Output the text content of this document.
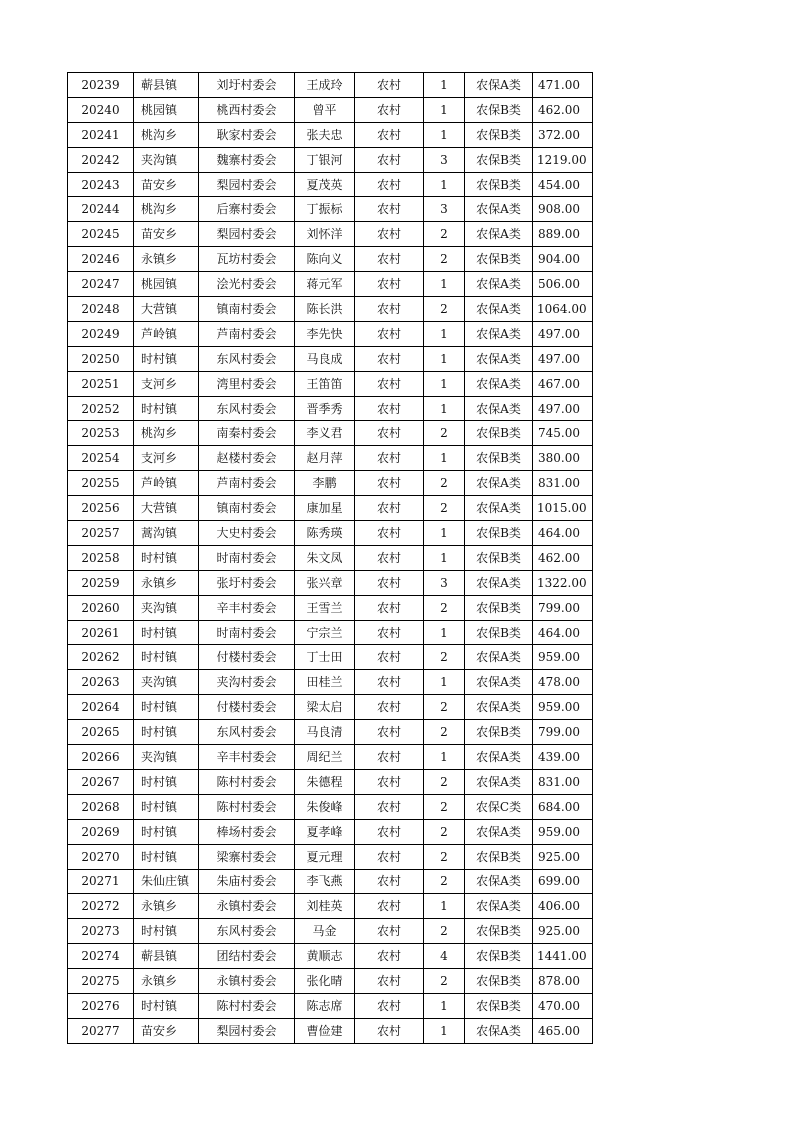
20239	蕲县镇	刘圩村委会	王成玲	农村	1	农保A类	471.00
20240	桃园镇	桃西村委会	曾平	农村	1	农保B类	462.00
20241	桃沟乡	耿家村委会	张夫忠	农村	1	农保B类	372.00
20242	夹沟镇	魏寨村委会	丁银河	农村	3	农保B类	1219.00
20243	苗安乡	梨园村委会	夏茂英	农村	1	农保B类	454.00
20244	桃沟乡	后寨村委会	丁振标	农村	3	农保A类	908.00
20245	苗安乡	梨园村委会	刘怀洋	农村	2	农保A类	889.00
20246	永镇乡	瓦坊村委会	陈向义	农村	2	农保B类	904.00
20247	桃园镇	浍光村委会	蒋元军	农村	1	农保A类	506.00
20248	大营镇	镇南村委会	陈长洪	农村	2	农保A类	1064.00
20249	芦岭镇	芦南村委会	李先快	农村	1	农保A类	497.00
20250	时村镇	东风村委会	马良成	农村	1	农保A类	497.00
20251	支河乡	湾里村委会	王笛笛	农村	1	农保A类	467.00
20252	时村镇	东风村委会	晋季秀	农村	1	农保A类	497.00
20253	桃沟乡	南秦村委会	李义君	农村	2	农保B类	745.00
20254	支河乡	赵楼村委会	赵月萍	农村	1	农保B类	380.00
20255	芦岭镇	芦南村委会	李鹏	农村	2	农保A类	831.00
20256	大营镇	镇南村委会	康加星	农村	2	农保A类	1015.00
20257	蒿沟镇	大史村委会	陈秀瑛	农村	1	农保B类	464.00
20258	时村镇	时南村委会	朱文凤	农村	1	农保B类	462.00
20259	永镇乡	张圩村委会	张兴章	农村	3	农保A类	1322.00
20260	夹沟镇	辛丰村委会	王雪兰	农村	2	农保B类	799.00
20261	时村镇	时南村委会	宁宗兰	农村	1	农保B类	464.00
20262	时村镇	付楼村委会	丁士田	农村	2	农保A类	959.00
20263	夹沟镇	夹沟村委会	田桂兰	农村	1	农保A类	478.00
20264	时村镇	付楼村委会	梁太启	农村	2	农保A类	959.00
20265	时村镇	东风村委会	马良清	农村	2	农保B类	799.00
20266	夹沟镇	辛丰村委会	周纪兰	农村	1	农保A类	439.00
20267	时村镇	陈村村委会	朱德程	农村	2	农保A类	831.00
20268	时村镇	陈村村委会	朱俊峰	农村	2	农保C类	684.00
20269	时村镇	棒场村委会	夏孝峰	农村	2	农保A类	959.00
20270	时村镇	梁寨村委会	夏元理	农村	2	农保B类	925.00
20271	朱仙庄镇	朱庙村委会	李飞燕	农村	2	农保A类	699.00
20272	永镇乡	永镇村委会	刘桂英	农村	1	农保A类	406.00
20273	时村镇	东风村委会	马金	农村	2	农保B类	925.00
20274	蕲县镇	团结村委会	黄顺志	农村	4	农保B类	1441.00
20275	永镇乡	永镇村委会	张化晴	农村	2	农保B类	878.00
20276	时村镇	陈村村委会	陈志席	农村	1	农保B类	470.00
20277	苗安乡	梨园村委会	曹俭建	农村	1	农保A类	465.00
